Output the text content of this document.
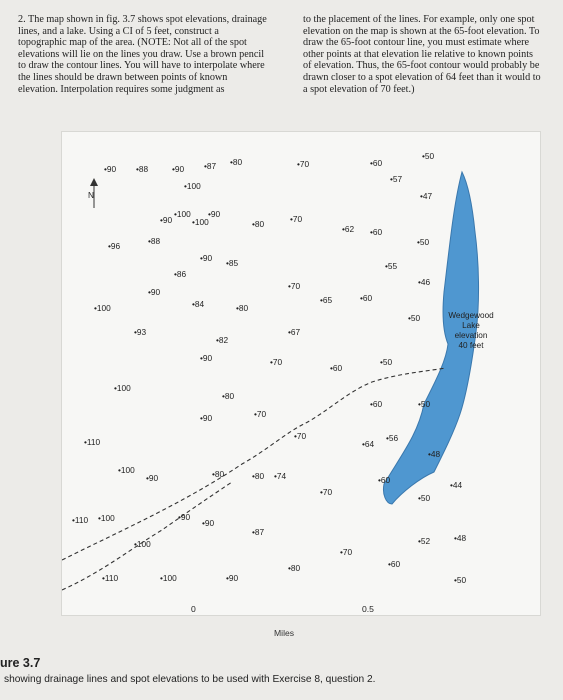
2. The map shown in fig. 3.7 shows spot elevations, drainage lines, and a lake. Using a CI of 5 feet, construct a topographic map of the area. (NOTE: Not all of the spot elevations will lie on the lines you draw. Use a brown pencil to draw the contour lines. You will have to interpolate where the lines should be drawn between points of known elevation. Interpolation requires some judgment as

to the placement of the lines. For example, only one spot elevation on the map is shown at the 65-foot elevation. To draw the 65-foot contour line, you must estimate where other points at that elevation lie relative to known points of elevation. Thus, the 65-foot contour would probably be drawn closer to a spot elevation of 64 feet than it would to a spot elevation of 70 feet.)

N
•90 •88	•90 •87 •80	•70	•60
•50
•57
•100
•47
•90
•100
•100
•90
•80	•70
•62 •60
•96	•88	•50
•90 •85	•55
•86
•46
•70
•90
•65	•60
•100	•84	•80
•50
•93	•67
•82
•90	•70
•60
•50
•100
•80
•60	•50
•90	•70
•56
•110
•70
•64
•48
•100
•90	•80	•80 •74	•60	•44
•70
•50
•110 •100	•90
•90
•87
•52	•48
•100
•70
•60
•80
•110	•100	•90	•50
Wedgewood
Lake
elevation
40 feet
0	0.5
Miles
ure 3.7
showing drainage lines and spot elevations to be used with Exercise 8, question 2.
